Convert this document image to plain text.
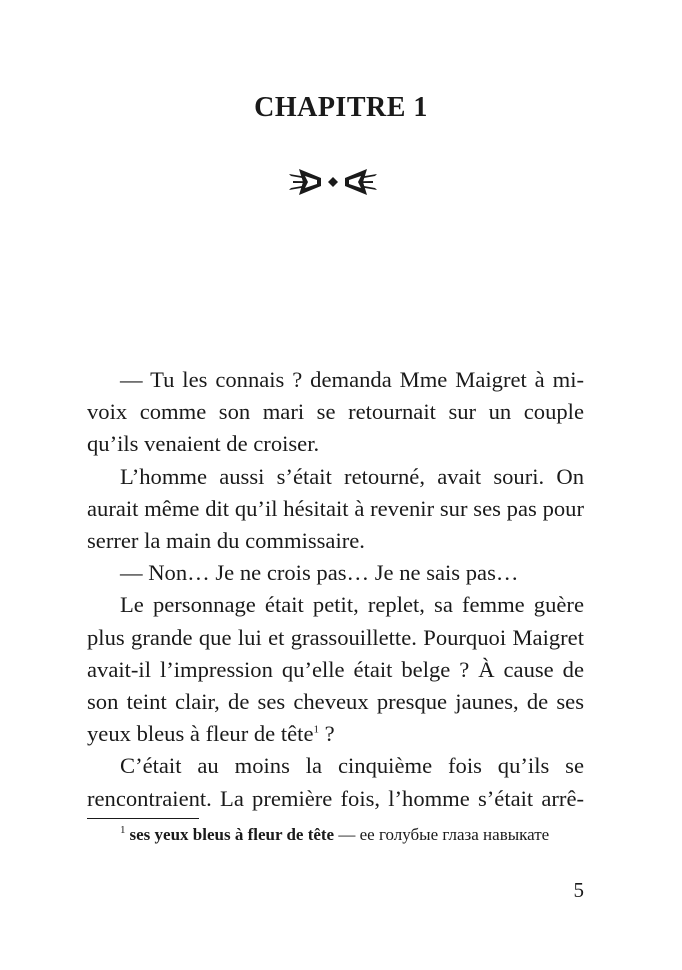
CHAPITRE 1

— Tu les connais ? demanda Mme Maigret à mi-voix comme son mari se retournait sur un couple qu’ils venaient de croiser.

L’homme aussi s’était retourné, avait souri. On aurait même dit qu’il hésitait à revenir sur ses pas pour serrer la main du commissaire.

— Non… Je ne crois pas… Je ne sais pas…

Le personnage était petit, replet, sa femme guère plus grande que lui et grassouillette. Pourquoi Maigret avait-il l’impression qu’elle était belge ? À cause de son teint clair, de ses cheveux presque jaunes, de ses yeux bleus à fleur de tête$^1$ ?

C’était au moins la cinquième fois qu’ils se rencontraient. La première fois, l’homme s’était arrê-

$^1$ ses yeux bleus à fleur de tête — ее голубые глаза навыкате

5
